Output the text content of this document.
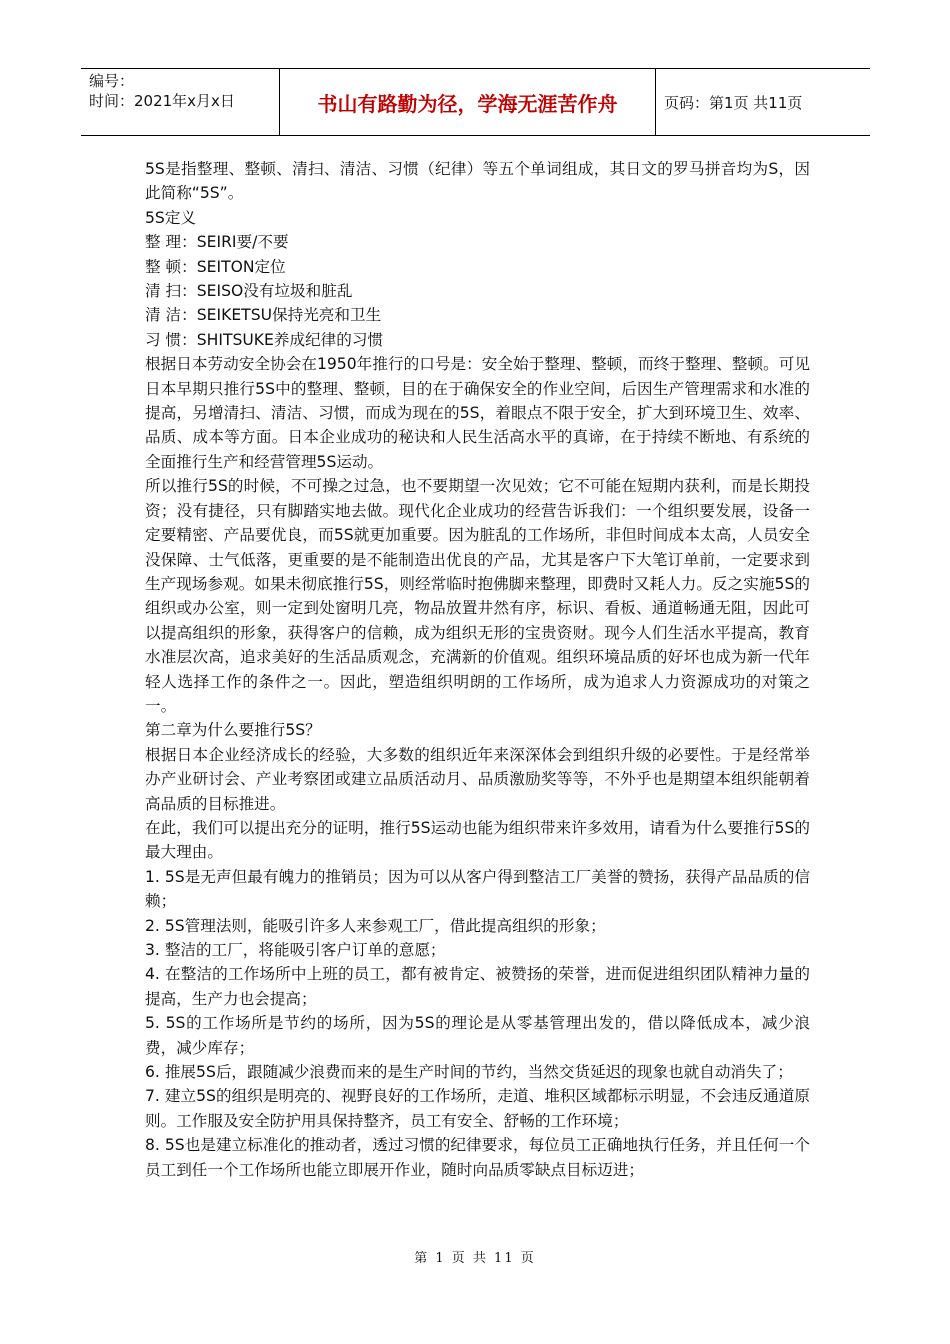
编号：
时间：2021年x月x日	书山有路勤为径，学海无涯苦作舟	页码：第1页 共11页

5S是指整理、整顿、清扫、清洁、习惯（纪律）等五个单词组成，其日文的罗马拼音均为S，因此简称“5S”。

5S定义

整 理：SEIRI要/不要

整 顿：SEITON定位

清 扫：SEISO没有垃圾和脏乱

清 洁：SEIKETSU保持光亮和卫生

习 惯：SHITSUKE养成纪律的习惯

根据日本劳动安全协会在1950年推行的口号是：安全始于整理、整顿，而终于整理、整顿。可见日本早期只推行5S中的整理、整顿，目的在于确保安全的作业空间，后因生产管理需求和水准的提高，另增清扫、清洁、习惯，而成为现在的5S，着眼点不限于安全，扩大到环境卫生、效率、品质、成本等方面。日本企业成功的秘诀和人民生活高水平的真谛，在于持续不断地、有系统的全面推行生产和经营管理5S运动。

所以推行5S的时候，不可操之过急，也不要期望一次见效；它不可能在短期内获利，而是长期投资；没有捷径，只有脚踏实地去做。现代化企业成功的经营告诉我们：一个组织要发展，设备一定要精密、产品要优良，而5S就更加重要。因为脏乱的工作场所，非但时间成本太高，人员安全没保障、士气低落，更重要的是不能制造出优良的产品，尤其是客户下大笔订单前，一定要求到生产现场参观。如果未彻底推行5S，则经常临时抱佛脚来整理，即费时又耗人力。反之实施5S的组织或办公室，则一定到处窗明几亮，物品放置井然有序，标识、看板、通道畅通无阻，因此可以提高组织的形象，获得客户的信赖，成为组织无形的宝贵资财。现今人们生活水平提高，教育水准层次高，追求美好的生活品质观念，充满新的价值观。组织环境品质的好坏也成为新一代年轻人选择工作的条件之一。因此，塑造组织明朗的工作场所，成为追求人力资源成功的对策之一。

第二章为什么要推行5S？

根据日本企业经济成长的经验，大多数的组织近年来深深体会到组织升级的必要性。于是经常举办产业研讨会、产业考察团或建立品质活动月、品质激励奖等等，不外乎也是期望本组织能朝着高品质的目标推进。

在此，我们可以提出充分的证明，推行5S运动也能为组织带来许多效用，请看为什么要推行5S的最大理由。

1. 5S是无声但最有魄力的推销员；因为可以从客户得到整洁工厂美誉的赞扬，获得产品品质的信赖；

2. 5S管理法则，能吸引许多人来参观工厂，借此提高组织的形象；

3. 整洁的工厂，将能吸引客户订单的意愿；

4. 在整洁的工作场所中上班的员工，都有被肯定、被赞扬的荣誉，进而促进组织团队精神力量的提高，生产力也会提高；

5. 5S的工作场所是节约的场所，因为5S的理论是从零基管理出发的，借以降低成本，减少浪费，减少库存；

6. 推展5S后，跟随减少浪费而来的是生产时间的节约，当然交货延迟的现象也就自动消失了；

7. 建立5S的组织是明亮的、视野良好的工作场所，走道、堆积区域都标示明显，不会违反通道原则。工作服及安全防护用具保持整齐，员工有安全、舒畅的工作环境；

8. 5S也是建立标准化的推动者，透过习惯的纪律要求，每位员工正确地执行任务，并且任何一个员工到任一个工作场所也能立即展开作业，随时向品质零缺点目标迈进；

第 1 页 共 11 页
